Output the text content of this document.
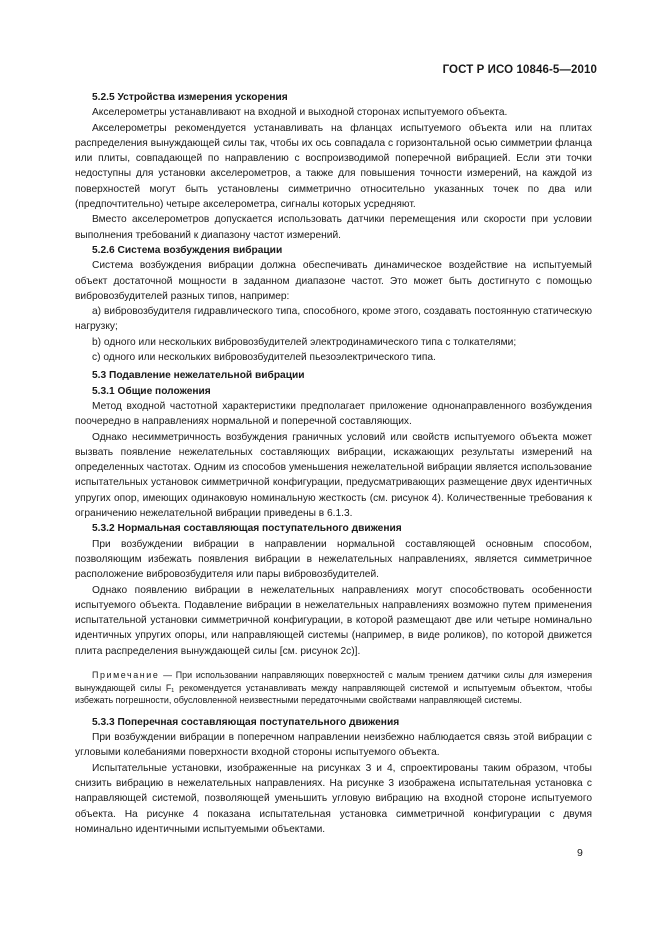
ГОСТ Р ИСО 10846-5—2010
5.2.5 Устройства измерения ускорения

Акселерометры устанавливают на входной и выходной сторонах испытуемого объекта.

Акселерометры рекомендуется устанавливать на фланцах испытуемого объекта или на плитах распределения вынуждающей силы так, чтобы их ось совпадала с горизонтальной осью симметрии фланца или плиты, совпадающей по направлению с воспроизводимой поперечной вибрацией. Если эти точки недоступны для установки акселерометров, а также для повышения точности измерений, на каждой из поверхностей могут быть установлены симметрично относительно указанных точек по два или (предпочтительно) четыре акселерометра, сигналы которых усредняют.

Вместо акселерометров допускается использовать датчики перемещения или скорости при условии выполнения требований к диапазону частот измерений.

5.2.6 Система возбуждения вибрации

Система возбуждения вибрации должна обеспечивать динамическое воздействие на испытуемый объект достаточной мощности в заданном диапазоне частот. Это может быть достигнуто с помощью вибровозбудителей разных типов, например:

a) вибровозбудителя гидравлического типа, способного, кроме этого, создавать постоянную статическую нагрузку;

b) одного или нескольких вибровозбудителей электродинамического типа с толкателями;

c) одного или нескольких вибровозбудителей пьезоэлектрического типа.

5.3 Подавление нежелательной вибрации
5.3.1 Общие положения

Метод входной частотной характеристики предполагает приложение однонаправленного возбуждения поочередно в направлениях нормальной и поперечной составляющих.

Однако несимметричность возбуждения граничных условий или свойств испытуемого объекта может вызвать появление нежелательных составляющих вибрации, искажающих результаты измерений на определенных частотах. Одним из способов уменьшения нежелательной вибрации является использование испытательных установок симметричной конфигурации, предусматривающих размещение двух идентичных упругих опор, имеющих одинаковую номинальную жесткость (см. рисунок 4). Количественные требования к ограничению нежелательной вибрации приведены в 6.1.3.

5.3.2 Нормальная составляющая поступательного движения

При возбуждении вибрации в направлении нормальной составляющей основным способом, позволяющим избежать появления вибрации в нежелательных направлениях, является симметричное расположение вибровозбудителя или пары вибровозбудителей.

Однако появлению вибрации в нежелательных направлениях могут способствовать особенности испытуемого объекта. Подавление вибрации в нежелательных направлениях возможно путем применения испытательной установки симметричной конфигурации, в которой размещают две или четыре номинально идентичных упругих опоры, или направляющей системы (например, в виде роликов), по которой движется плита распределения вынуждающей силы [см. рисунок 2c)].

Примечание — При использовании направляющих поверхностей с малым трением датчики силы для измерения вынуждающей силы F₁ рекомендуется устанавливать между направляющей системой и испытуемым объектом, чтобы избежать погрешности, обусловленной неизвестными передаточными свойствами направляющей системы.

5.3.3 Поперечная составляющая поступательного движения

При возбуждении вибрации в поперечном направлении неизбежно наблюдается связь этой вибрации с угловыми колебаниями поверхности входной стороны испытуемого объекта.

Испытательные установки, изображенные на рисунках 3 и 4, спроектированы таким образом, чтобы снизить вибрацию в нежелательных направлениях. На рисунке 3 изображена испытательная установка с направляющей системой, позволяющей уменьшить угловую вибрацию на входной стороне испытуемого объекта. На рисунке 4 показана испытательная установка симметричной конфигурации с двумя номинально идентичными испытуемыми объектами.

9
